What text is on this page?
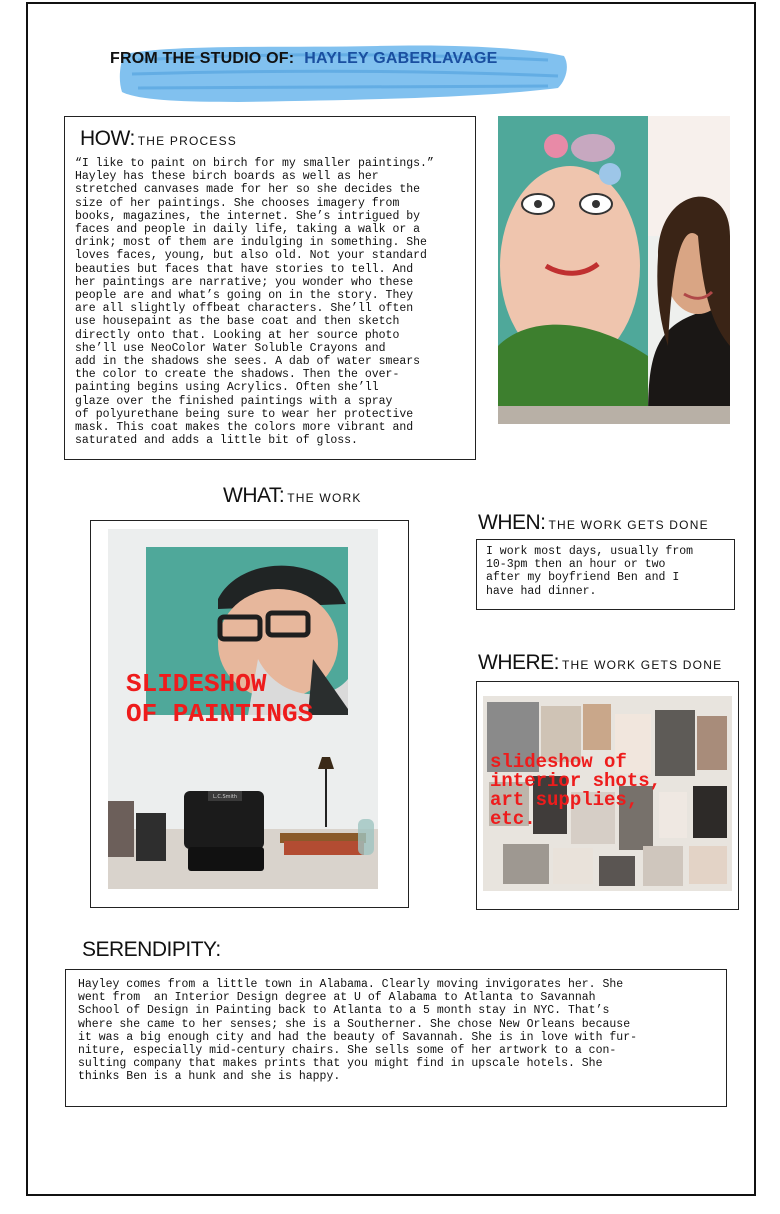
FROM THE STUDIO OF: HAYLEY GABERLAVAGE
HOW: THE PROCESS

“I like to paint on birch for my smaller paintings.”
Hayley has these birch boards as well as her
stretched canvases made for her so she decides the
size of her paintings. She chooses imagery from
books, magazines, the internet. She’s intrigued by
faces and people in daily life, taking a walk or a
drink; most of them are indulging in something. She
loves faces, young, but also old. Not your standard
beauties but faces that have stories to tell. And
her paintings are narrative; you wonder who these
people are and what’s going on in the story. They
are all slightly offbeat characters. She’ll often
use housepaint as the base coat and then sketch
directly onto that. Looking at her source photo
she’ll use NeoColor Water Soluble Crayons and
add in the shadows she sees. A dab of water smears
the color to create the shadows. Then the over-
painting begins using Acrylics. Often she’ll
glaze over the finished paintings with a spray
of polyurethane being sure to wear her protective
mask. This coat makes the colors more vibrant and
saturated and adds a little bit of gloss.

WHAT: THE WORK
L.C.Smith
SLIDESHOW
OF PAINTINGS
WHEN: THE WORK GETS DONE

I work most days, usually from
10-3pm then an hour or two
after my boyfriend Ben and I
have had dinner.

WHERE: THE WORK GETS DONE
slideshow of
interior shots,
art supplies,
etc.
SERENDIPITY:

Hayley comes from a little town in Alabama. Clearly moving invigorates her. She
went from  an Interior Design degree at U of Alabama to Atlanta to Savannah
School of Design in Painting back to Atlanta to a 5 month stay in NYC. That’s
where she came to her senses; she is a Southerner. She chose New Orleans because
it was a big enough city and had the beauty of Savannah. She is in love with fur-
niture, especially mid-century chairs. She sells some of her artwork to a con-
sulting company that makes prints that you might find in upscale hotels. She
thinks Ben is a hunk and she is happy.
